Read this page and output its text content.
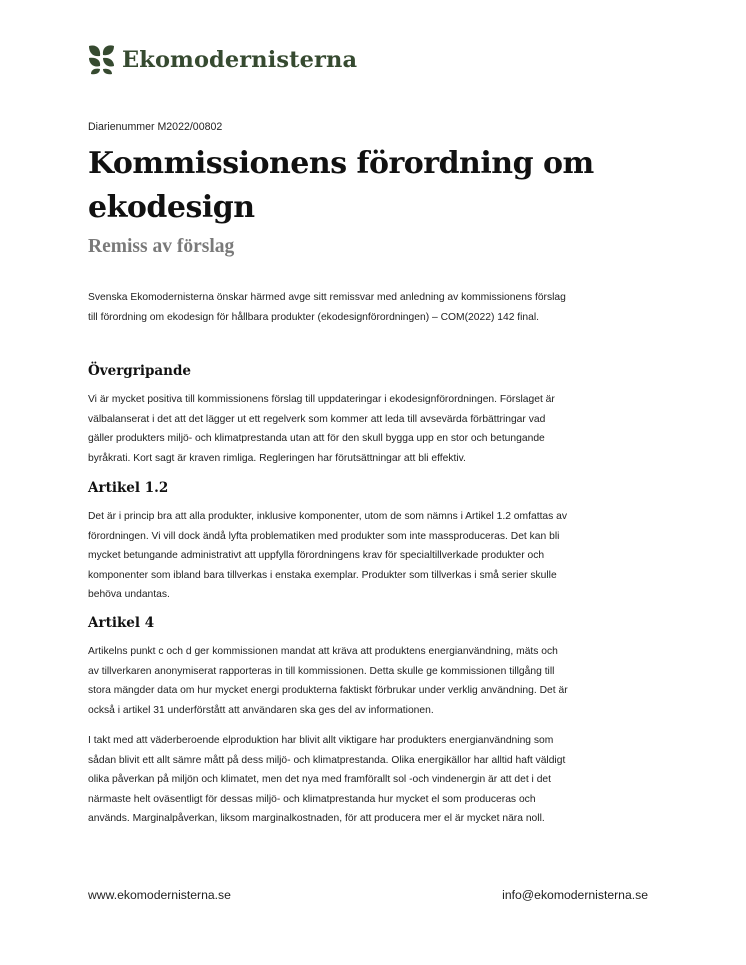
Ekomodernisterna
Diarienummer M2022/00802
Kommissionens förordning om
ekodesign
Remiss av förslag

Svenska Ekomodernisterna önskar härmed avge sitt remissvar med anledning av kommissionens förslag
till förordning om ekodesign för hållbara produkter (ekodesignförordningen) – COM(2022) 142 final.

Övergripande

Vi är mycket positiva till kommissionens förslag till uppdateringar i ekodesignförordningen. Förslaget är
välbalanserat i det att det lägger ut ett regelverk som kommer att leda till avsevärda förbättringar vad
gäller produkters miljö- och klimatprestanda utan att för den skull bygga upp en stor och betungande
byråkrati. Kort sagt är kraven rimliga. Regleringen har förutsättningar att bli effektiv.

Artikel 1.2

Det är i princip bra att alla produkter, inklusive komponenter, utom de som nämns i Artikel 1.2 omfattas av
förordningen. Vi vill dock ändå lyfta problematiken med produkter som inte massproduceras. Det kan bli
mycket betungande administrativt att uppfylla förordningens krav för specialtillverkade produkter och
komponenter som ibland bara tillverkas i enstaka exemplar. Produkter som tillverkas i små serier skulle
behöva undantas.

Artikel 4

Artikelns punkt c och d ger kommissionen mandat att kräva att produktens energianvändning, mäts och
av tillverkaren anonymiserat rapporteras in till kommissionen. Detta skulle ge kommissionen tillgång till
stora mängder data om hur mycket energi produkterna faktiskt förbrukar under verklig användning. Det är
också i artikel 31 underförstått att användaren ska ges del av informationen.

I takt med att väderberoende elproduktion har blivit allt viktigare har produkters energianvändning som
sådan blivit ett allt sämre mått på dess miljö- och klimatprestanda. Olika energikällor har alltid haft väldigt
olika påverkan på miljön och klimatet, men det nya med framförallt sol -och vindenergin är att det i det
närmaste helt oväsentligt för dessas miljö- och klimatprestanda hur mycket el som produceras och
används. Marginalpåverkan, liksom marginalkostnaden, för att producera mer el är mycket nära noll.

www.ekomodernisterna.se	info@ekomodernisterna.se
